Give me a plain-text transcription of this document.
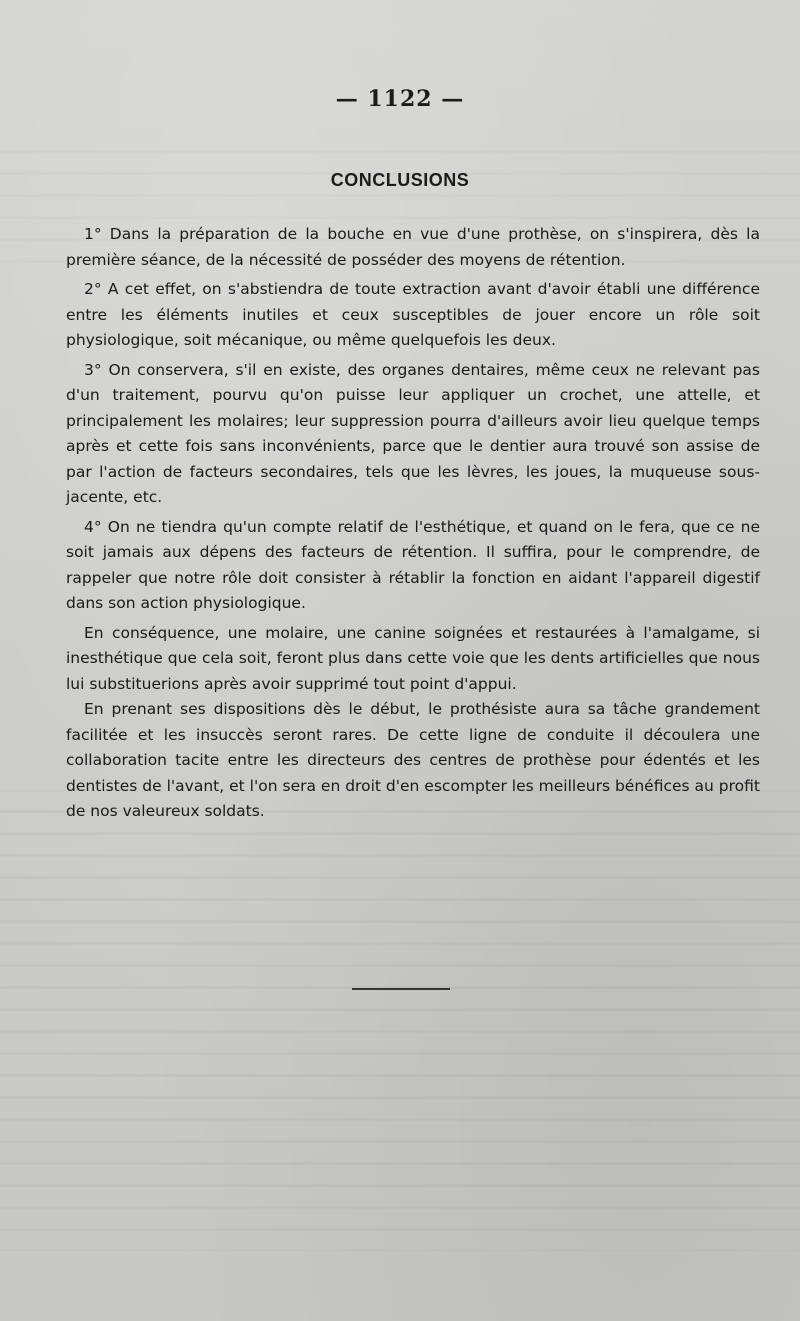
— 1122 —
CONCLUSIONS

1° Dans la préparation de la bouche en vue d'une prothèse, on s'inspirera, dès la première séance, de la nécessité de posséder des moyens de rétention.

2° A cet effet, on s'abstiendra de toute extraction avant d'avoir établi une différence entre les éléments inutiles et ceux susceptibles de jouer encore un rôle soit physiologique, soit mécanique, ou même quelquefois les deux.

3° On conservera, s'il en existe, des organes dentaires, même ceux ne relevant pas d'un traitement, pourvu qu'on puisse leur appliquer un crochet, une attelle, et principalement les molaires; leur suppression pourra d'ailleurs avoir lieu quelque temps après et cette fois sans inconvénients, parce que le dentier aura trouvé son assise de par l'action de facteurs secondaires, tels que les lèvres, les joues, la muqueuse sous-jacente, etc.

4° On ne tiendra qu'un compte relatif de l'esthétique, et quand on le fera, que ce ne soit jamais aux dépens des facteurs de rétention. Il suffira, pour le comprendre, de rappeler que notre rôle doit consister à rétablir la fonction en aidant l'appareil digestif dans son action physiologique.

En conséquence, une molaire, une canine soignées et restaurées à l'amalgame, si inesthétique que cela soit, feront plus dans cette voie que les dents artificielles que nous lui substituerions après avoir supprimé tout point d'appui.

En prenant ses dispositions dès le début, le prothésiste aura sa tâche grandement facilitée et les insuccès seront rares. De cette ligne de conduite il découlera une collaboration tacite entre les directeurs des centres de prothèse pour édentés et les dentistes de l'avant, et l'on sera en droit d'en escompter les meilleurs bénéfices au profit de nos valeureux soldats.
